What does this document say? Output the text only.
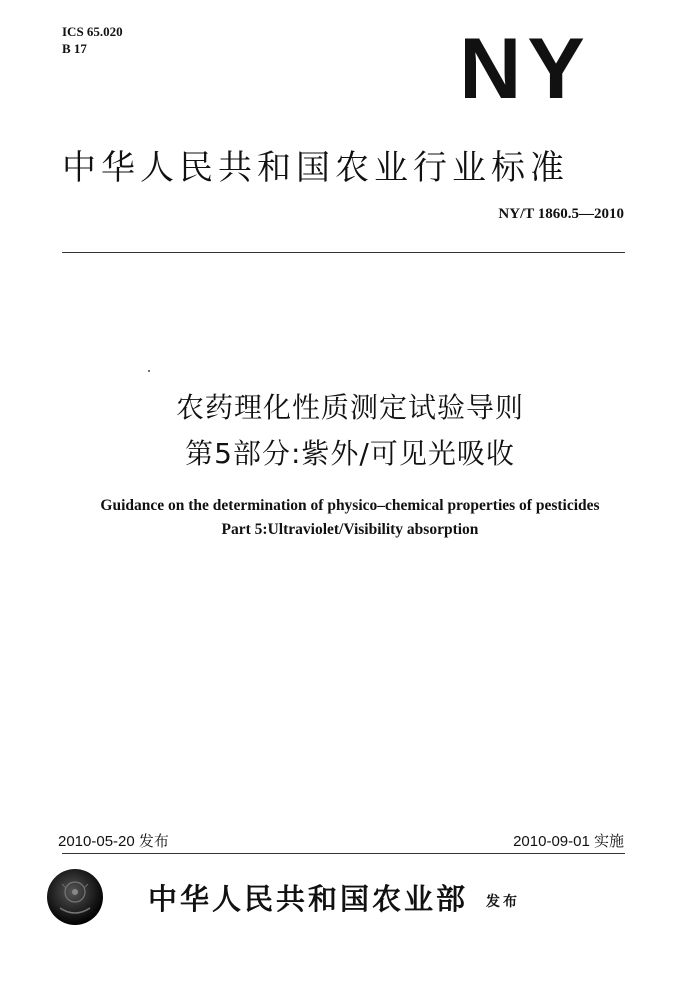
ICS 65.020
B 17	NY
中华人民共和国农业行业标准
NY/T 1860.5—2010
农药理化性质测定试验导则
第5部分:紫外/可见光吸收
Guidance on the determination of physico–chemical properties of pesticides
Part 5:Ultraviolet/Visibility absorption
2010-05-20 发布	2010-09-01 实施
中华人民共和国农业部 发布
